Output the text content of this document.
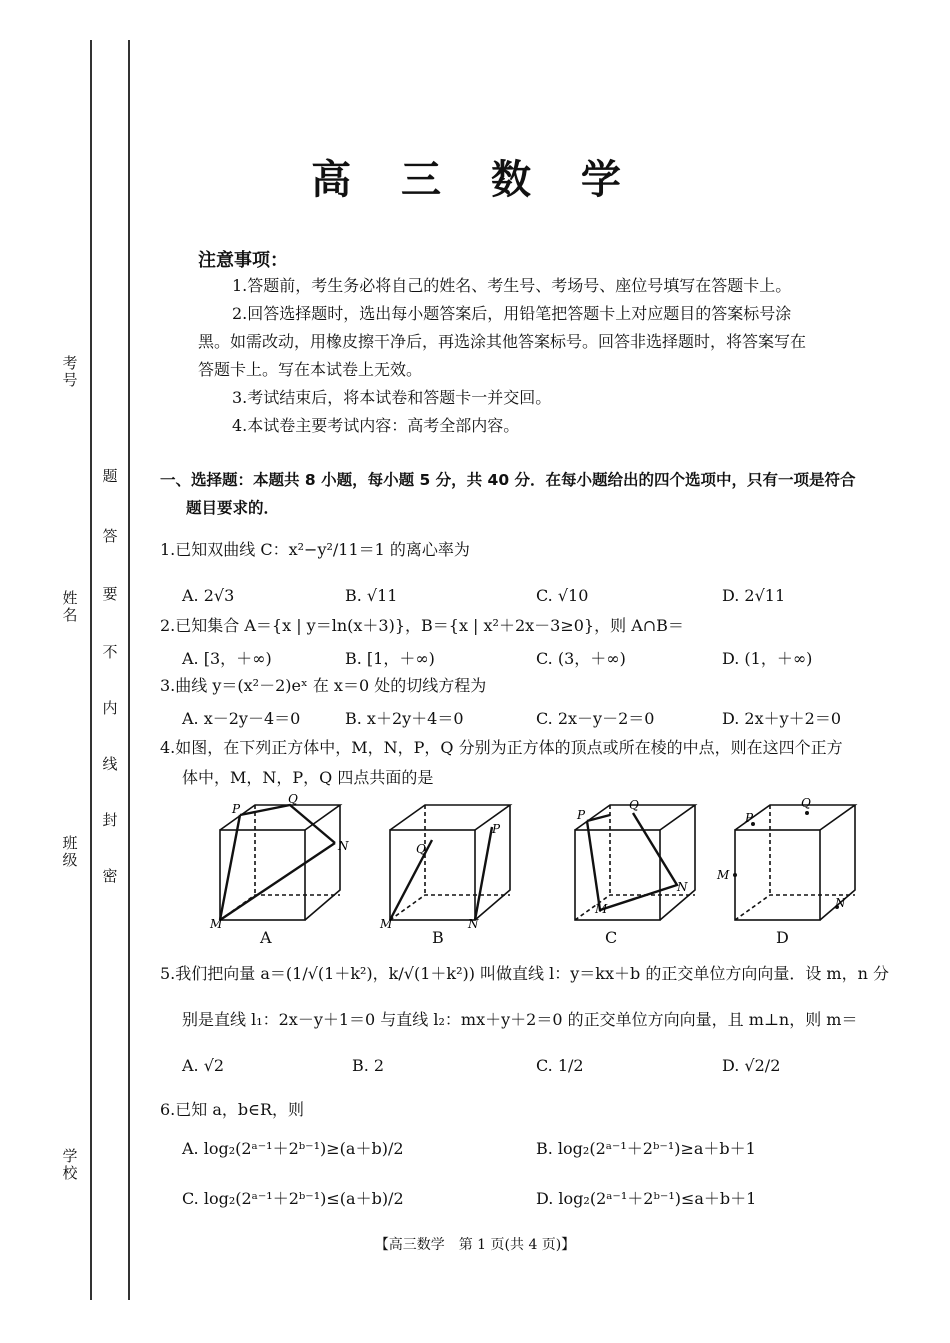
考号
姓名
班级
学校
密
封
线
内
不
要
答
题
高 三 数 学
注意事项：
1.答题前，考生务必将自己的姓名、考生号、考场号、座位号填写在答题卡上。
2.回答选择题时，选出每小题答案后，用铅笔把答题卡上对应题目的答案标号涂
黑。如需改动，用橡皮擦干净后，再选涂其他答案标号。回答非选择题时，将答案写在
答题卡上。写在本试卷上无效。
3.考试结束后，将本试卷和答题卡一并交回。
4.本试卷主要考试内容：高考全部内容。
一、选择题：本题共 8 小题，每小题 5 分，共 40 分．在每小题给出的四个选项中，只有一项是符合
题目要求的．
1.已知双曲线 C：x²−y²/11＝1 的离心率为
A. 2√3	B. √11	C. √10	D. 2√11
2.已知集合 A＝{x | y＝ln(x＋3)}，B＝{x | x²＋2x－3≥0}，则 A∩B＝
A. [3，＋∞)	B. [1，＋∞)	C. (3，＋∞)	D. (1，＋∞)
3.曲线 y＝(x²－2)eˣ 在 x＝0 处的切线方程为
A. x－2y－4＝0	B. x＋2y＋4＝0	C. 2x－y－2＝0	D. 2x＋y＋2＝0
4.如图，在下列正方体中，M，N，P，Q 分别为正方体的顶点或所在棱的中点，则在这四个正方
体中，M，N，P，Q 四点共面的是
P
Q
M
N
A
P
Q
M	N
B
P
Q
M
N
C
P
Q
M
N
D
5.我们把向量 a＝(1/√(1＋k²)，k/√(1＋k²)) 叫做直线 l：y＝kx＋b 的正交单位方向向量．设 m，n 分
别是直线 l₁：2x－y＋1＝0 与直线 l₂：mx＋y＋2＝0 的正交单位方向向量，且 m⊥n，则 m＝
A. √2	B. 2	C. 1/2	D. √2/2
6.已知 a，b∈R，则
A. log₂(2ᵃ⁻¹＋2ᵇ⁻¹)≥(a＋b)/2	B. log₂(2ᵃ⁻¹＋2ᵇ⁻¹)≥a＋b＋1
C. log₂(2ᵃ⁻¹＋2ᵇ⁻¹)≤(a＋b)/2	D. log₂(2ᵃ⁻¹＋2ᵇ⁻¹)≤a＋b＋1
【高三数学　第 1 页(共 4 页)】
